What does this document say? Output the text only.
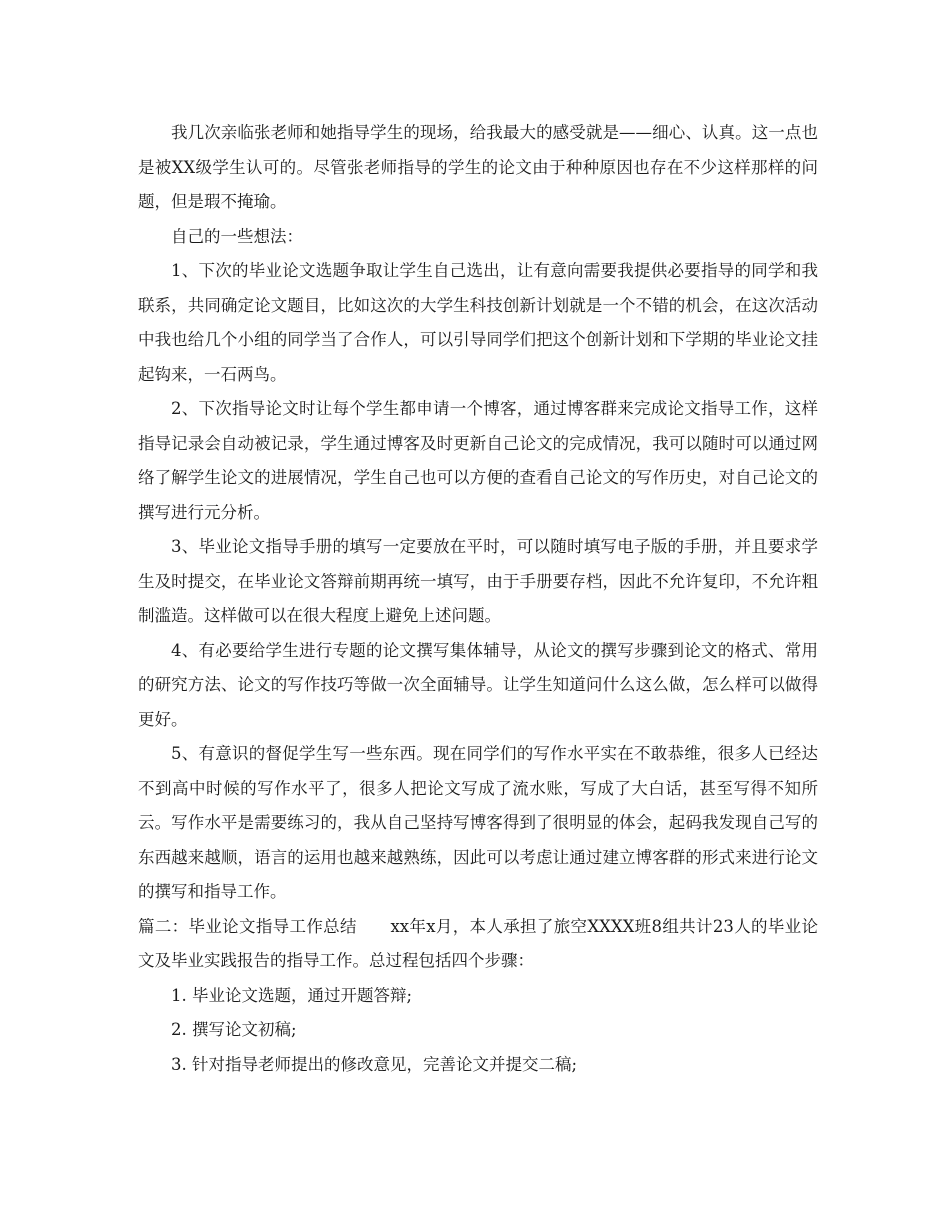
我几次亲临张老师和她指导学生的现场，给我最大的感受就是——细心、认真。这一点也是被XX级学生认可的。尽管张老师指导的学生的论文由于种种原因也存在不少这样那样的问题，但是瑕不掩瑜。

自己的一些想法：

1、下次的毕业论文选题争取让学生自己选出，让有意向需要我提供必要指导的同学和我联系，共同确定论文题目，比如这次的大学生科技创新计划就是一个不错的机会，在这次活动中我也给几个小组的同学当了合作人，可以引导同学们把这个创新计划和下学期的毕业论文挂起钩来，一石两鸟。

2、下次指导论文时让每个学生都申请一个博客，通过博客群来完成论文指导工作，这样指导记录会自动被记录，学生通过博客及时更新自己论文的完成情况，我可以随时可以通过网络了解学生论文的进展情况，学生自己也可以方便的查看自己论文的写作历史，对自己论文的撰写进行元分析。

3、毕业论文指导手册的填写一定要放在平时，可以随时填写电子版的手册，并且要求学生及时提交，在毕业论文答辩前期再统一填写，由于手册要存档，因此不允许复印，不允许粗制滥造。这样做可以在很大程度上避免上述问题。

4、有必要给学生进行专题的论文撰写集体辅导，从论文的撰写步骤到论文的格式、常用的研究方法、论文的写作技巧等做一次全面辅导。让学生知道问什么这么做，怎么样可以做得更好。

5、有意识的督促学生写一些东西。现在同学们的写作水平实在不敢恭维，很多人已经达不到高中时候的写作水平了，很多人把论文写成了流水账，写成了大白话，甚至写得不知所云。写作水平是需要练习的，我从自己坚持写博客得到了很明显的体会，起码我发现自己写的东西越来越顺，语言的运用也越来越熟练，因此可以考虑让通过建立博客群的形式来进行论文的撰写和指导工作。

篇二：毕业论文指导工作总结　　xx年x月，本人承担了旅空XXXX班8组共计23人的毕业论文及毕业实践报告的指导工作。总过程包括四个步骤：

1. 毕业论文选题，通过开题答辩;

2. 撰写论文初稿;

3. 针对指导老师提出的修改意见，完善论文并提交二稿;
